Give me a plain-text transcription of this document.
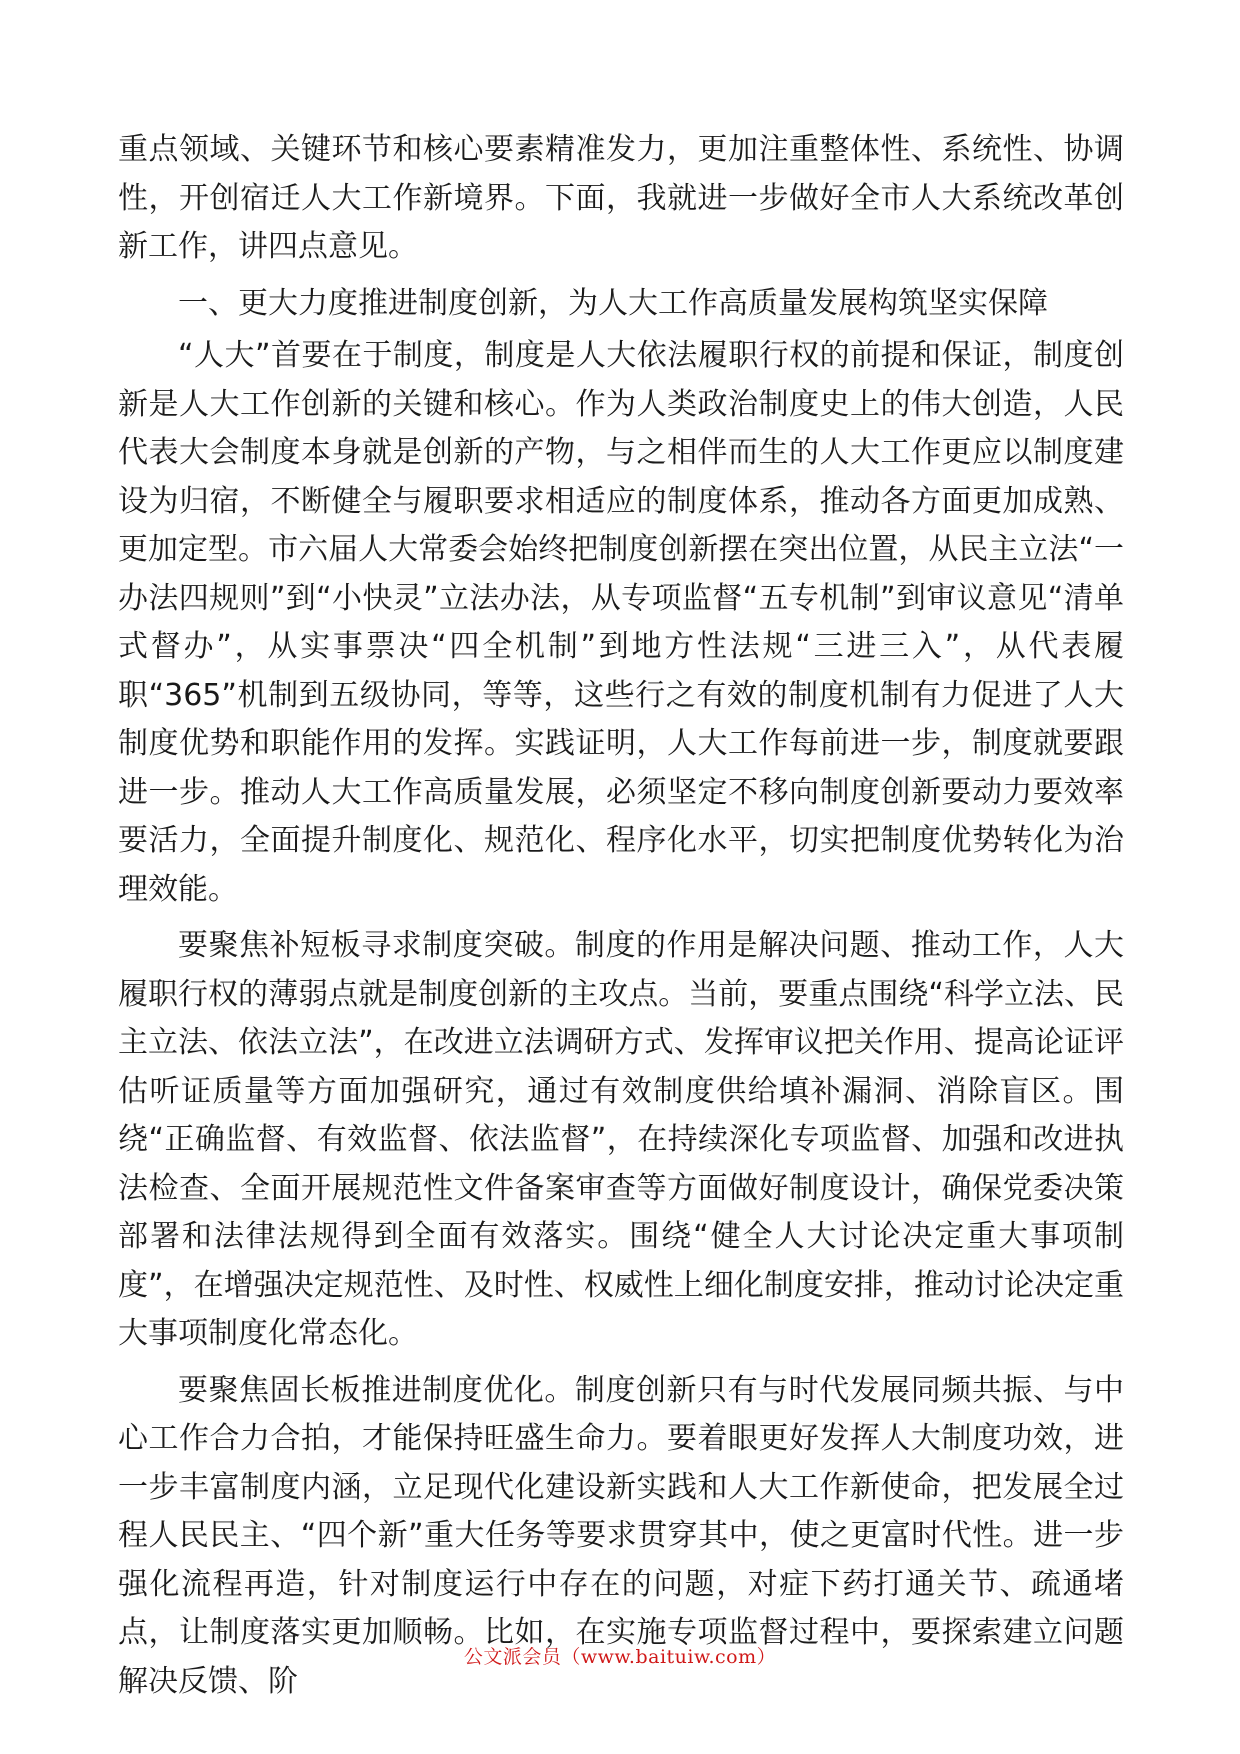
重点领域、关键环节和核心要素精准发力，更加注重整体性、系统性、协调性，开创宿迁人大工作新境界。下面，我就进一步做好全市人大系统改革创新工作，讲四点意见。

一、更大力度推进制度创新，为人大工作高质量发展构筑坚实保障

“人大”首要在于制度，制度是人大依法履职行权的前提和保证，制度创新是人大工作创新的关键和核心。作为人类政治制度史上的伟大创造，人民代表大会制度本身就是创新的产物，与之相伴而生的人大工作更应以制度建设为归宿，不断健全与履职要求相适应的制度体系，推动各方面更加成熟、更加定型。市六届人大常委会始终把制度创新摆在突出位置，从民主立法“一办法四规则”到“小快灵”立法办法，从专项监督“五专机制”到审议意见“清单式督办”，从实事票决“四全机制”到地方性法规“三进三入”，从代表履职“365”机制到五级协同，等等，这些行之有效的制度机制有力促进了人大制度优势和职能作用的发挥。实践证明，人大工作每前进一步，制度就要跟进一步。推动人大工作高质量发展，必须坚定不移向制度创新要动力要效率要活力，全面提升制度化、规范化、程序化水平，切实把制度优势转化为治理效能。

要聚焦补短板寻求制度突破。制度的作用是解决问题、推动工作，人大履职行权的薄弱点就是制度创新的主攻点。当前，要重点围绕“科学立法、民主立法、依法立法”，在改进立法调研方式、发挥审议把关作用、提高论证评估听证质量等方面加强研究，通过有效制度供给填补漏洞、消除盲区。围绕“正确监督、有效监督、依法监督”，在持续深化专项监督、加强和改进执法检查、全面开展规范性文件备案审查等方面做好制度设计，确保党委决策部署和法律法规得到全面有效落实。围绕“健全人大讨论决定重大事项制度”，在增强决定规范性、及时性、权威性上细化制度安排，推动讨论决定重大事项制度化常态化。

要聚焦固长板推进制度优化。制度创新只有与时代发展同频共振、与中心工作合力合拍，才能保持旺盛生命力。要着眼更好发挥人大制度功效，进一步丰富制度内涵，立足现代化建设新实践和人大工作新使命，把发展全过程人民民主、“四个新”重大任务等要求贯穿其中，使之更富时代性。进一步强化流程再造，针对制度运行中存在的问题，对症下药打通关节、疏通堵点，让制度落实更加顺畅。比如，在实施专项监督过程中，要探索建立问题解决反馈、阶

公文派会员（www.baituiw.com）
